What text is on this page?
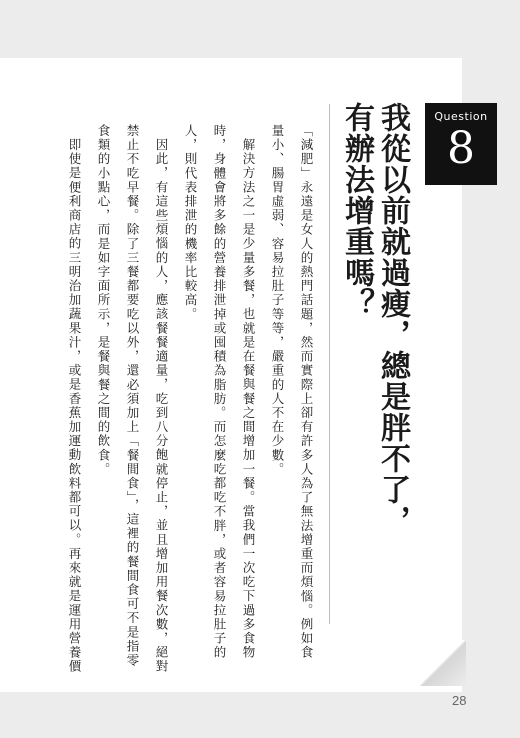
Question
8
我從以前就過瘦，總是胖不了，
有辦法增重嗎？
「減肥」永遠是女人的熱門話題，然而實際上卻有許多人為了無法增重而煩惱。例如食
量小、腸胃虛弱、容易拉肚子等等，嚴重的人不在少數。
解決方法之一是少量多餐，也就是在餐與餐之間增加一餐。當我們一次吃下過多食物
時，身體會將多餘的營養排泄掉或囤積為脂肪。而怎麼吃都吃不胖，或者容易拉肚子的
人，則代表排泄的機率比較高。
因此，有這些煩惱的人，應該餐餐適量，吃到八分飽就停止，並且增加用餐次數，絕對
禁止不吃早餐。除了三餐都要吃以外，還必須加上「餐間食」，這裡的餐間食可不是指零
食類的小點心，而是如字面所示，是餐與餐之間的飲食。
即使是便利商店的三明治加蔬果汁，或是香蕉加運動飲料都可以。再來就是運用營養價
28
